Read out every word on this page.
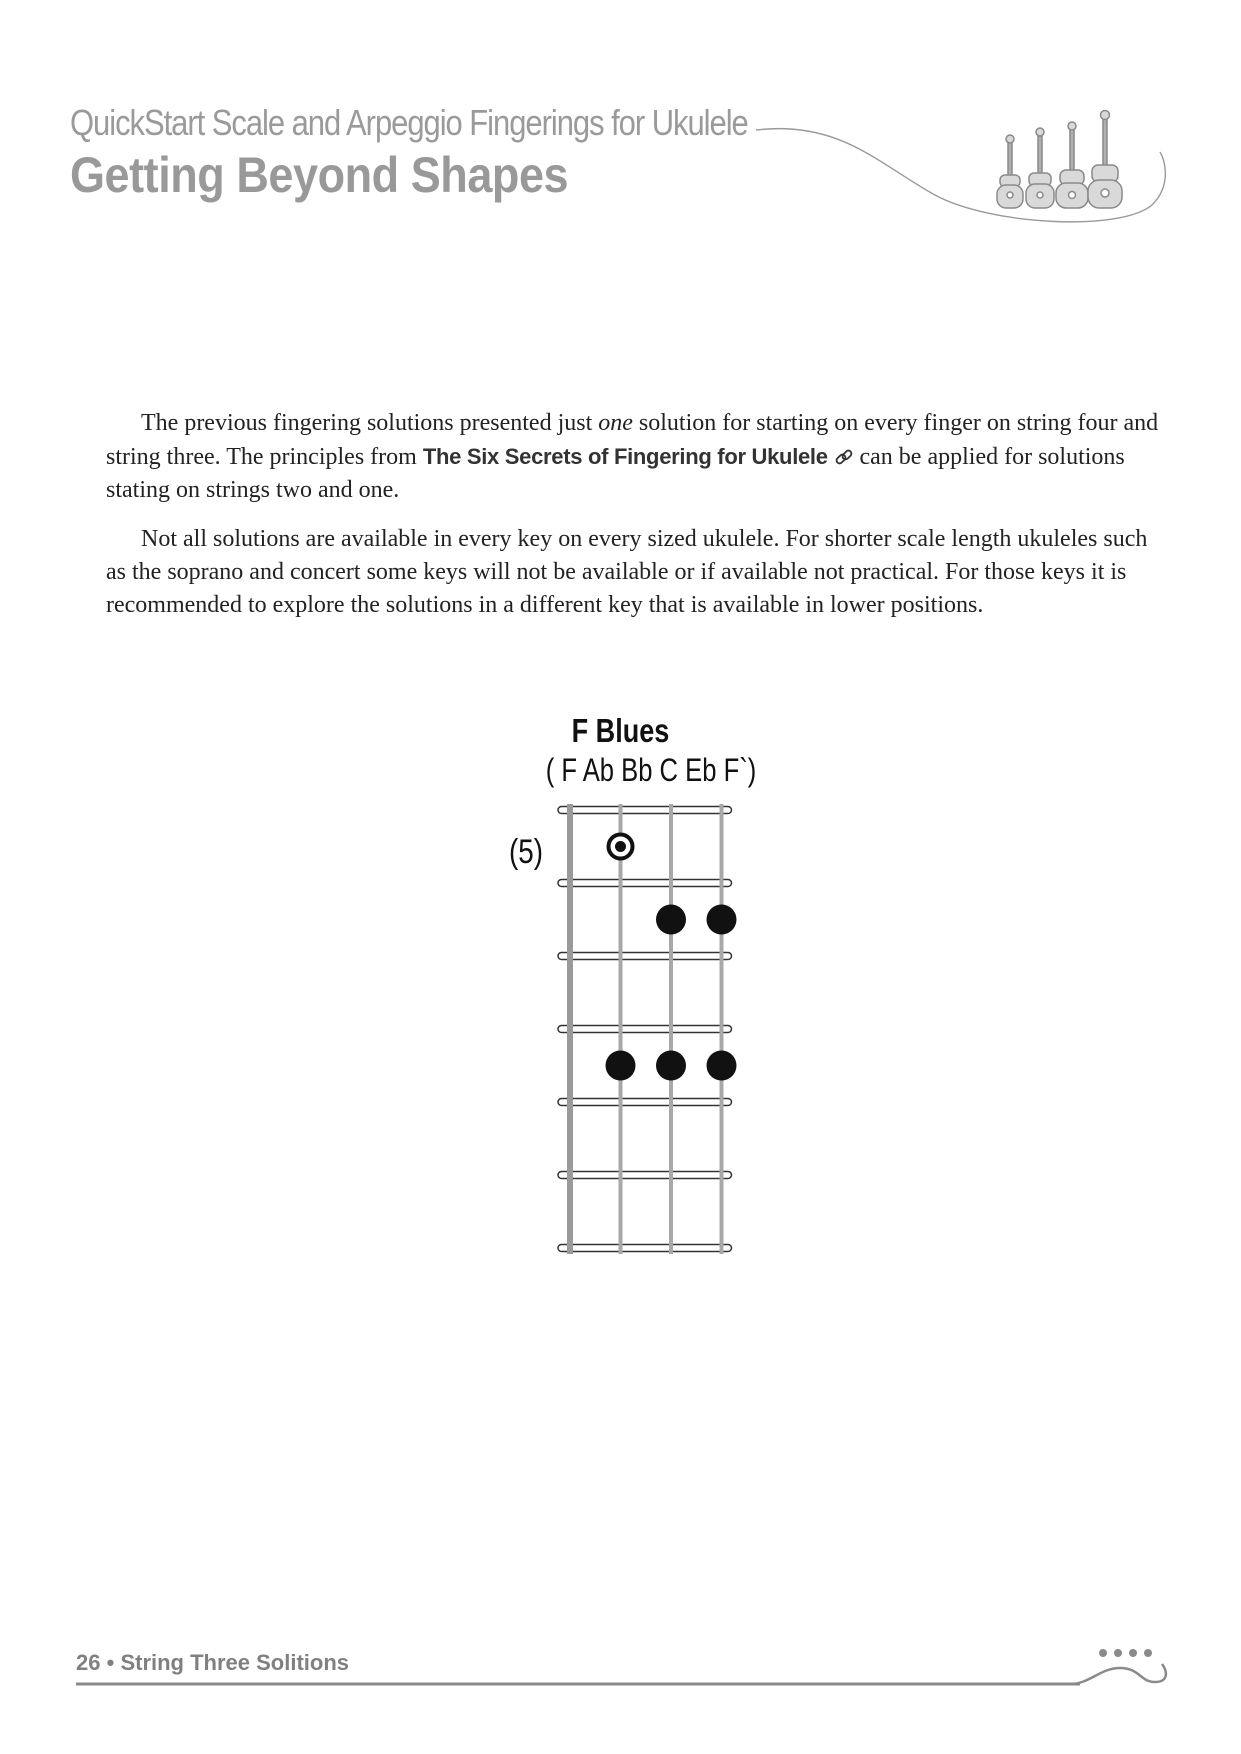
QuickStart Scale and Arpeggio Fingerings for Ukulele
Getting Beyond Shapes

The previous fingering solutions presented just one solution for starting on every finger on string four and string three. The principles from The Six Secrets of Fingering for Ukulele  can be applied for solutions stating on strings two and one.

Not all solutions are available in every key on every sized ukulele. For shorter scale length ukuleles such as the soprano and concert some keys will not be available or if available not practical. For those keys it is recommended to explore the solutions in a different key that is available in lower positions.

F Blues
( F Ab Bb C Eb F`)
(5)
26 • String Three Solitions
